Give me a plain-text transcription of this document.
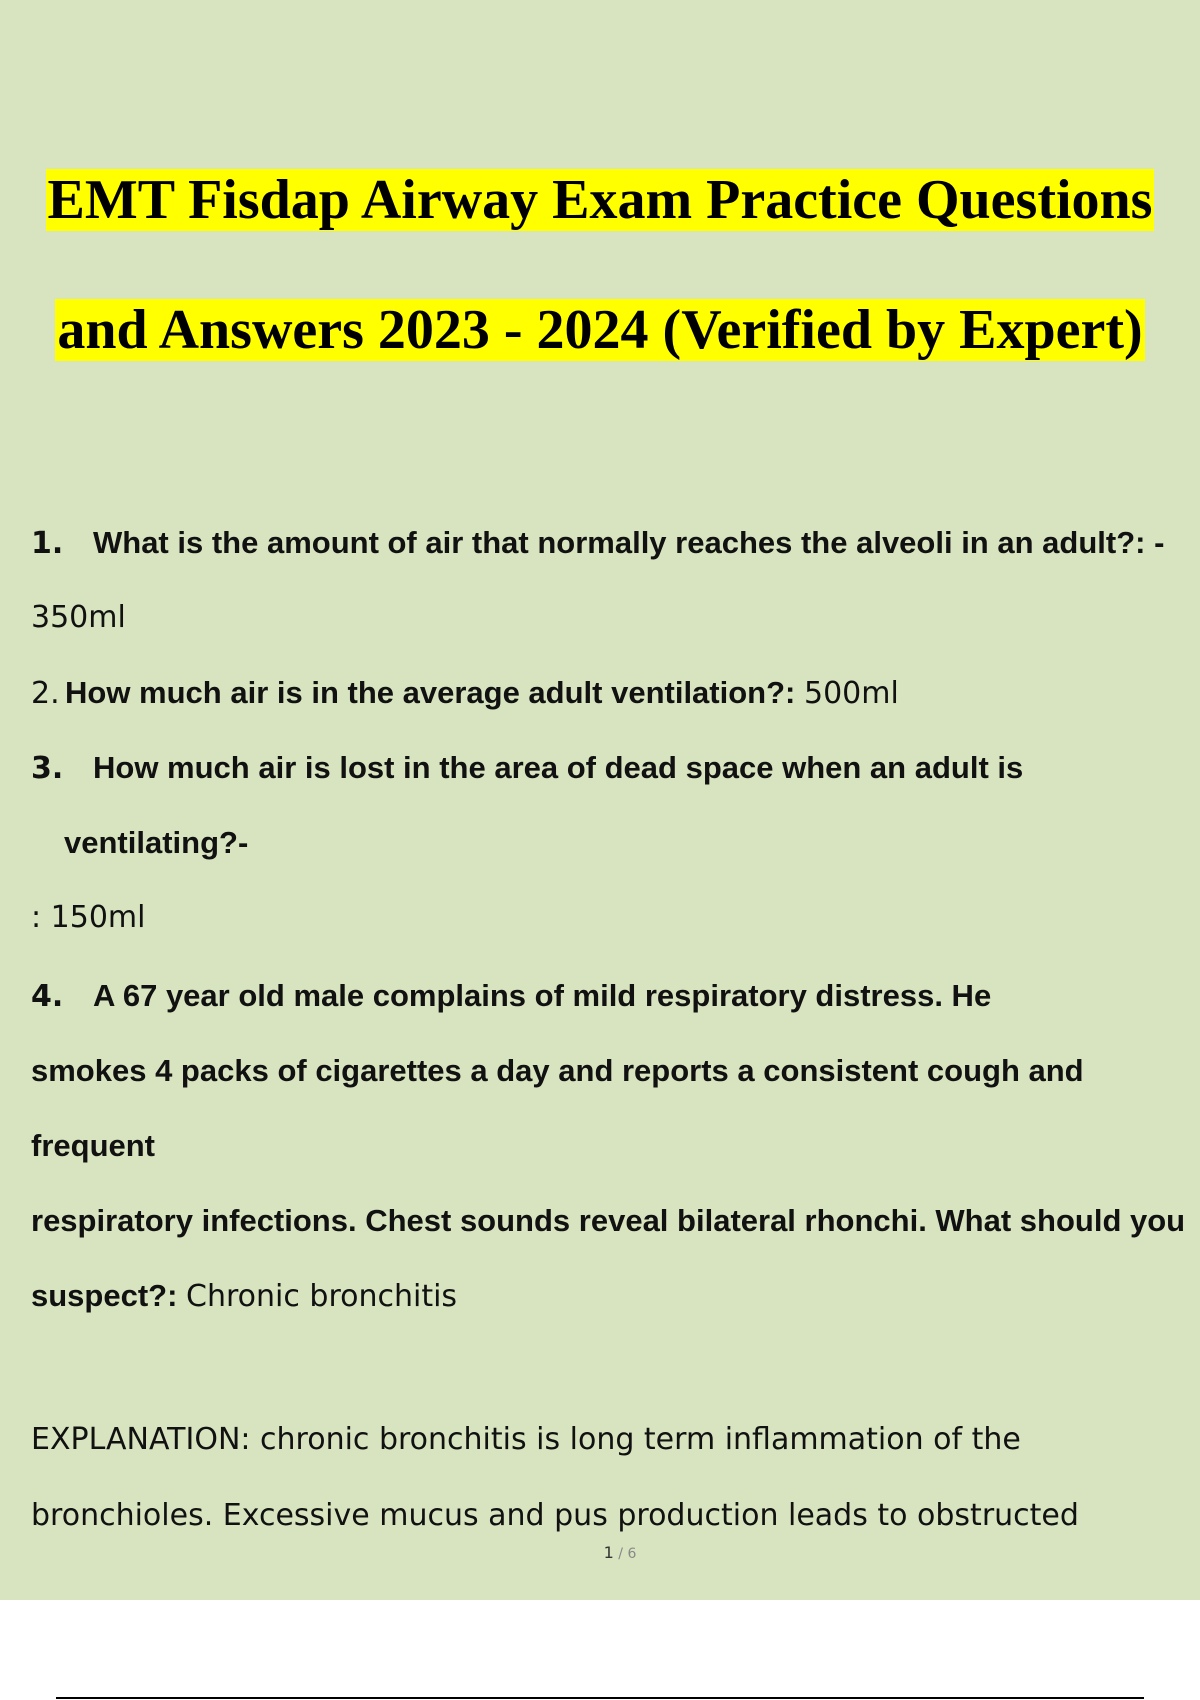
EMT Fisdap Airway Exam Practice Questions
and Answers 2023 - 2024 (Verified by Expert)
1. What is the amount of air that normally reaches the alveoli in an adult?: -
350ml
2. How much air is in the average adult ventilation?: 500ml
3. How much air is lost in the area of dead space when an adult is
ventilating?-
: 150ml
4. A 67 year old male complains of mild respiratory distress. He
smokes 4 packs of cigarettes a day and reports a consistent cough and
frequent
respiratory infections. Chest sounds reveal bilateral rhonchi. What should you
suspect?: Chronic bronchitis
EXPLANATION: chronic bronchitis is long term inflammation of the
bronchioles. Excessive mucus and pus production leads to obstructed
1 / 6
